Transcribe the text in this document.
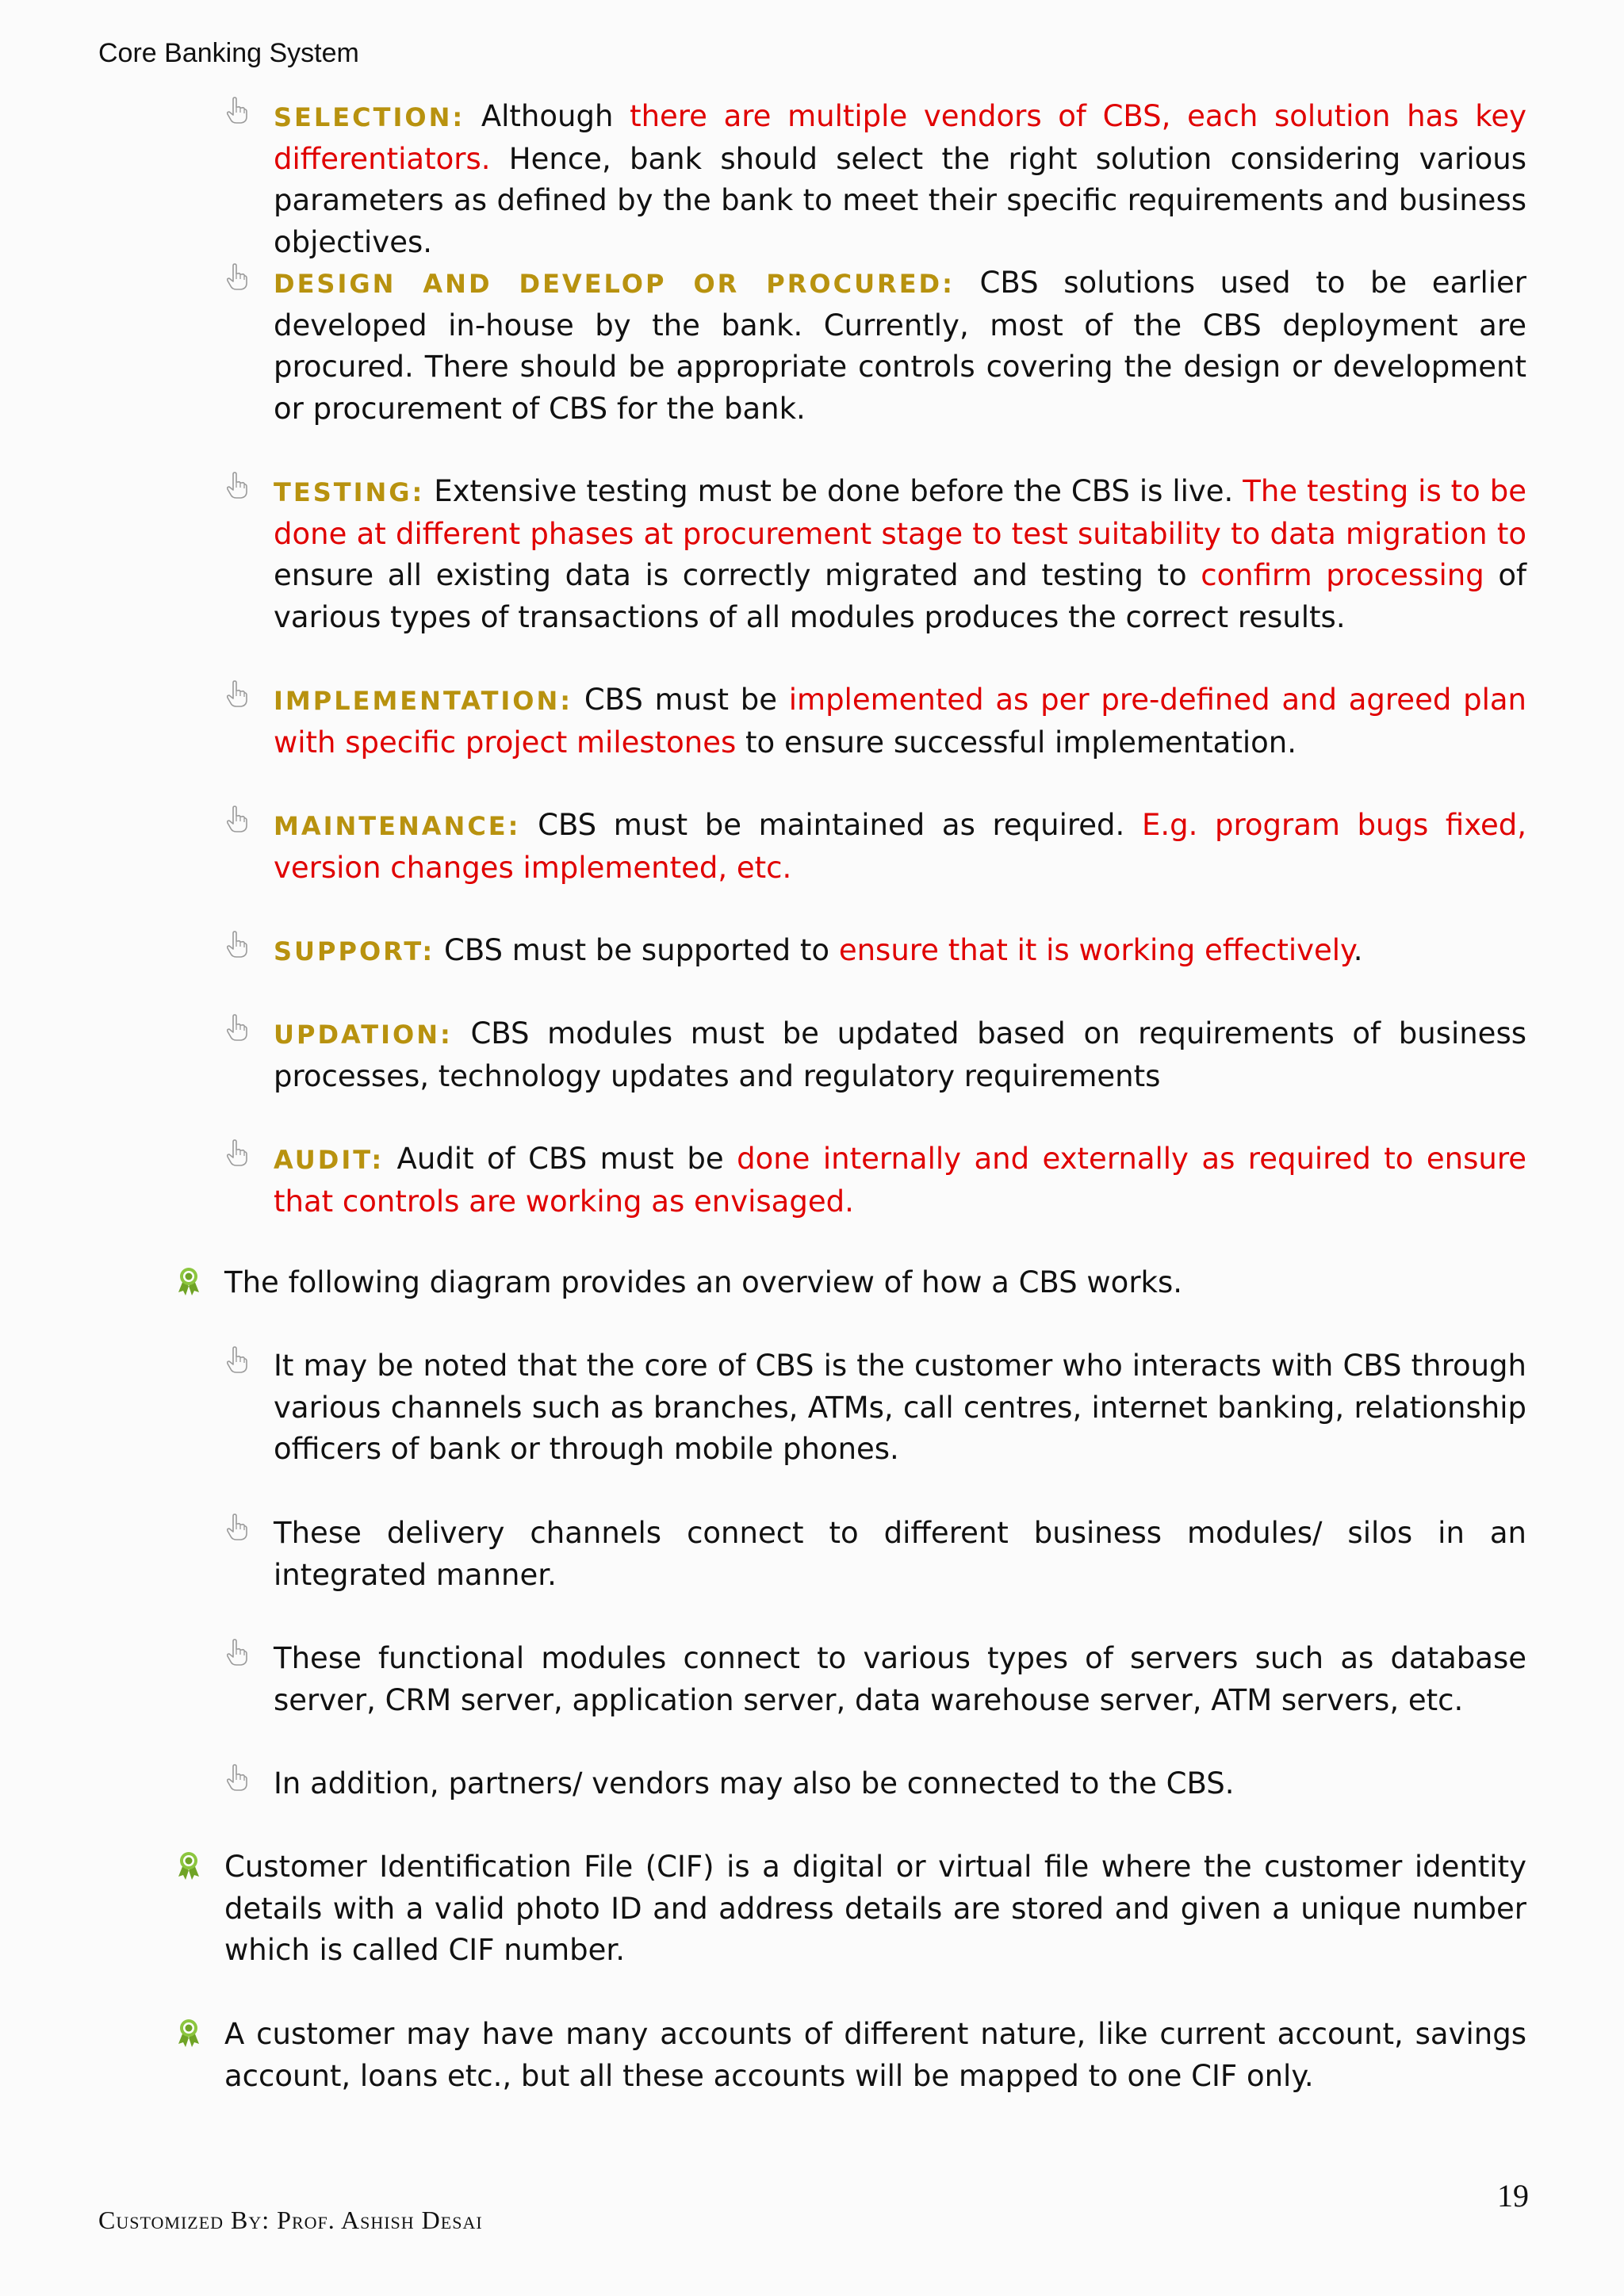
Core Banking System
SELECTION: Although there are multiple vendors of CBS, each solution has key differentiators. Hence, bank should select the right solution considering various parameters as defined by the bank to meet their specific requirements and business objectives.
DESIGN AND DEVELOP OR PROCURED: CBS solutions used to be earlier developed in-house by the bank. Currently, most of the CBS deployment are procured. There should be appropriate controls covering the design or development or procurement of CBS for the bank.
TESTING: Extensive testing must be done before the CBS is live. The testing is to be done at different phases at procurement stage to test suitability to data migration to ensure all existing data is correctly migrated and testing to confirm processing of various types of transactions of all modules produces the correct results.
IMPLEMENTATION: CBS must be implemented as per pre-defined and agreed plan with specific project milestones to ensure successful implementation.
MAINTENANCE: CBS must be maintained as required. E.g. program bugs fixed, version changes implemented, etc.
SUPPORT: CBS must be supported to ensure that it is working effectively.
UPDATION: CBS modules must be updated based on requirements of business processes, technology updates and regulatory requirements
AUDIT: Audit of CBS must be done internally and externally as required to ensure that controls are working as envisaged.
The following diagram provides an overview of how a CBS works.
It may be noted that the core of CBS is the customer who interacts with CBS through various channels such as branches, ATMs, call centres, internet banking, relationship officers of bank or through mobile phones.
These delivery channels connect to different business modules/ silos in an integrated manner.
These functional modules connect to various types of servers such as database server, CRM server, application server, data warehouse server, ATM servers, etc.
In addition, partners/ vendors may also be connected to the CBS.
Customer Identification File (CIF) is a digital or virtual file where the customer identity details with a valid photo ID and address details are stored and given a unique number which is called CIF number.
A customer may have many accounts of different nature, like current account, savings account, loans etc., but all these accounts will be mapped to one CIF only.
19
Customized By: Prof. Ashish Desai
